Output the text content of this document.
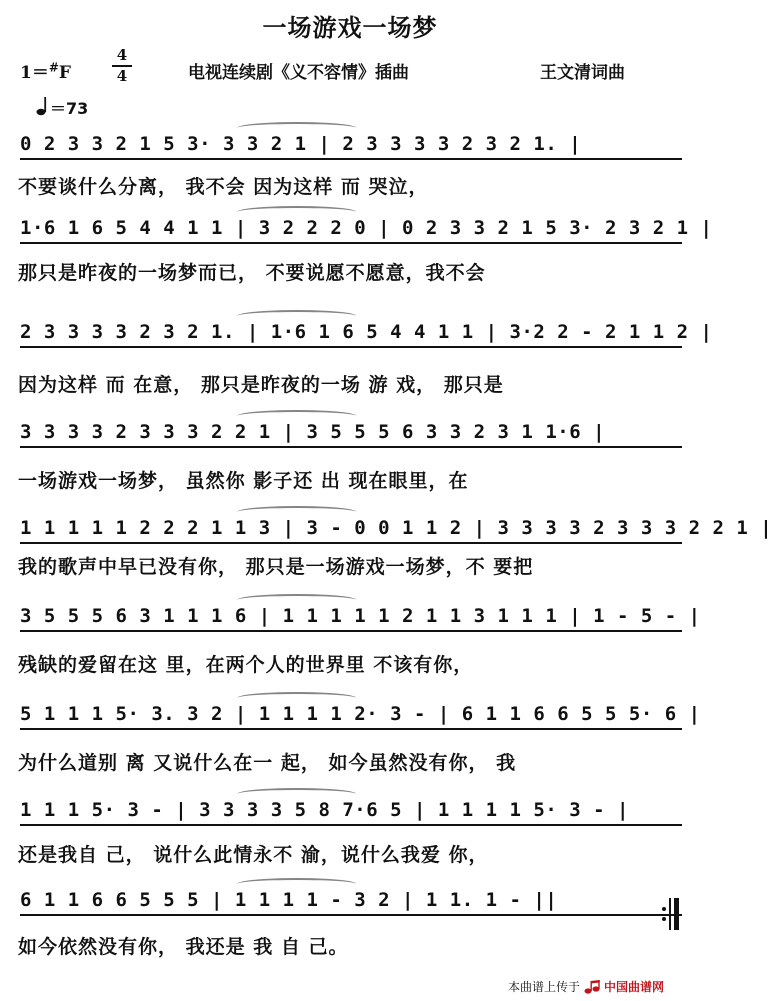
一场游戏一场梦
1＝#F
4
4	电视连续剧《义不容情》插曲	王文清词曲
＝73
0 2 3 3 2 1 5 3· 3 3 2 1 | 2 3 3 3 3 2 3 2 1. |
不要谈什么分离， 我不会 因为这样 而 哭泣，
1·6 1 6 5 4 4 1 1 | 3 2 2 2 0 | 0 2 3 3 2 1 5 3· 2 3 2 1 |
那只是昨夜的一场梦而已， 不要说愿不愿意，我不会
2 3 3 3 3 2 3 2 1. | 1·6 1 6 5 4 4 1 1 | 3·2 2 - 2 1 1 2 |
因为这样 而 在意， 那只是昨夜的一场 游 戏， 那只是
3 3 3 3 2 3 3 3 2 2 1 | 3 5 5 5 6 3 3 2 3 1 1·6 |
一场游戏一场梦， 虽然你 影子还 出 现在眼里，在
1 1 1 1 1 2 2 2 1 1 3 | 3 - 0 0 1 1 2 | 3 3 3 3 2 3 3 3 2 2 1 |
我的歌声中早已没有你， 那只是一场游戏一场梦，不 要把
3 5 5 5 6 3 1 1 1 6 | 1 1 1 1 1 2 1 1 3 1 1 1 | 1 - 5 - |
残缺的爱留在这 里，在两个人的世界里 不该有你，
5 1 1 1 5· 3. 3 2 | 1 1 1 1 2· 3 - | 6 1 1 6 6 5 5 5· 6 |
为什么道别 离 又说什么在一 起， 如今虽然没有你， 我
1 1 1 5· 3 - | 3 3 3 3 5 8 7·6 5 | 1 1 1 1 5· 3 - |
还是我自 己， 说什么此情永不 渝，说什么我爱 你，
6 1 1 6 6 5 5 5 | 1 1 1 1 - 3 2 | 1 1. 1 - ||
如今依然没有你， 我还是 我 自 己。
本曲谱上传于 中国曲谱网
